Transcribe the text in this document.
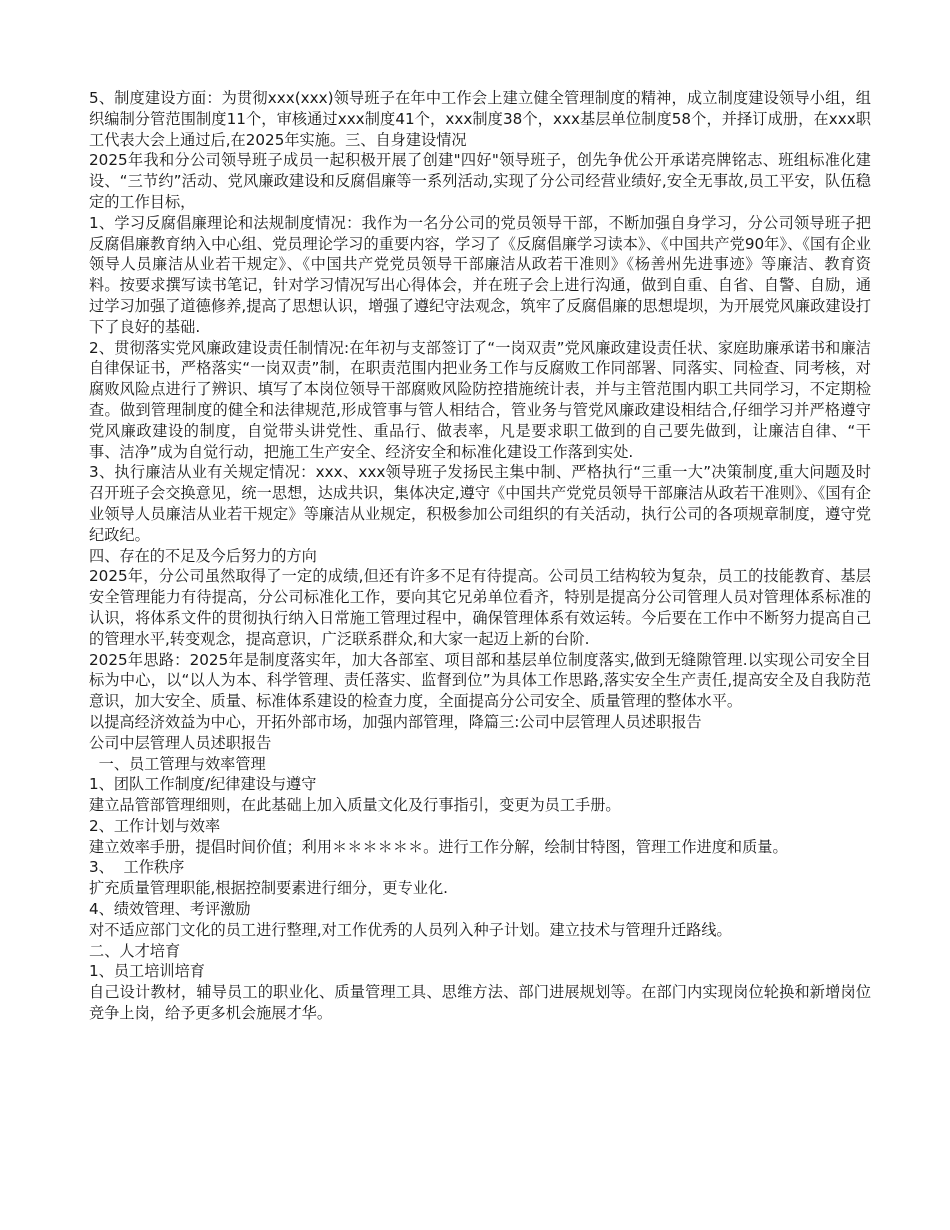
5、制度建设方面：为贯彻xxx(xxx)领导班子在年中工作会上建立健全管理制度的精神，成立制度建设领导小组，组织编制分管范围制度11个，审核通过xxx制度41个，xxx制度38个，xxx基层单位制度58个，并择订成册，在xxx职工代表大会上通过后,在2025年实施。三、自身建设情况

2025年我和分公司领导班子成员一起积极开展了创建"四好"领导班子，创先争优公开承诺亮牌铭志、班组标准化建设、“三节约”活动、党风廉政建设和反腐倡廉等一系列活动,实现了分公司经营业绩好,安全无事故,员工平安，队伍稳定的工作目标，

1、学习反腐倡廉理论和法规制度情况：我作为一名分公司的党员领导干部，不断加强自身学习，分公司领导班子把反腐倡廉教育纳入中心组、党员理论学习的重要内容，学习了《反腐倡廉学习读本》、《中国共产党90年》、《国有企业领导人员廉洁从业若干规定》、《中国共产党党员领导干部廉洁从政若干准则》《杨善州先进事迹》等廉洁、教育资料。按要求撰写读书笔记，针对学习情况写出心得体会，并在班子会上进行沟通，做到自重、自省、自警、自励，通过学习加强了道德修养,提高了思想认识，增强了遵纪守法观念，筑牢了反腐倡廉的思想堤坝，为开展党风廉政建设打下了良好的基础.

2、贯彻落实党风廉政建设责任制情况:在年初与支部签订了“一岗双责”党风廉政建设责任状、家庭助廉承诺书和廉洁自律保证书，严格落实“一岗双责”制，在职责范围内把业务工作与反腐败工作同部署、同落实、同检查、同考核，对腐败风险点进行了辨识、填写了本岗位领导干部腐败风险防控措施统计表，并与主管范围内职工共同学习，不定期检查。做到管理制度的健全和法律规范,形成管事与管人相结合，管业务与管党风廉政建设相结合,仔细学习并严格遵守党风廉政建设的制度，自觉带头讲党性、重品行、做表率，凡是要求职工做到的自己要先做到，让廉洁自律、“干事、洁净”成为自觉行动，把施工生产安全、经济安全和标准化建设工作落到实处.

3、执行廉洁从业有关规定情况：xxx、xxx领导班子发扬民主集中制、严格执行“三重一大”决策制度,重大问题及时召开班子会交换意见，统一思想，达成共识，集体决定,遵守《中国共产党党员领导干部廉洁从政若干准则》、《国有企业领导人员廉洁从业若干规定》等廉洁从业规定，积极参加公司组织的有关活动，执行公司的各项规章制度，遵守党纪政纪。

四、存在的不足及今后努力的方向

2025年，分公司虽然取得了一定的成绩,但还有许多不足有待提高。公司员工结构较为复杂，员工的技能教育、基层安全管理能力有待提高，分公司标准化工作，要向其它兄弟单位看齐，特别是提高分公司管理人员对管理体系标准的认识，将体系文件的贯彻执行纳入日常施工管理过程中，确保管理体系有效运转。今后要在工作中不断努力提高自己的管理水平,转变观念，提高意识，广泛联系群众,和大家一起迈上新的台阶.

2025年思路：2025年是制度落实年，加大各部室、项目部和基层单位制度落实,做到无缝隙管理.以实现公司安全目标为中心，以“以人为本、科学管理、责任落实、监督到位”为具体工作思路,落实安全生产责任,提高安全及自我防范意识，加大安全、质量、标准体系建设的检查力度，全面提高分公司安全、质量管理的整体水平。

以提高经济效益为中心，开拓外部市场，加强内部管理，降篇三:公司中层管理人员述职报告

公司中层管理人员述职报告

一、员工管理与效率管理

1、团队工作制度/纪律建设与遵守

建立品管部管理细则，在此基础上加入质量文化及行事指引，变更为员工手册。

2、工作计划与效率

建立效率手册，提倡时间价值；利用＊＊＊＊＊＊。进行工作分解，绘制甘特图，管理工作进度和质量。

3、  工作秩序

扩充质量管理职能,根据控制要素进行细分，更专业化.

4、绩效管理、考评激励

对不适应部门文化的员工进行整理,对工作优秀的人员列入种子计划。建立技术与管理升迁路线。

二、人才培育

1、员工培训培育

自己设计教材，辅导员工的职业化、质量管理工具、思维方法、部门进展规划等。在部门内实现岗位轮换和新增岗位竞争上岗，给予更多机会施展才华。
